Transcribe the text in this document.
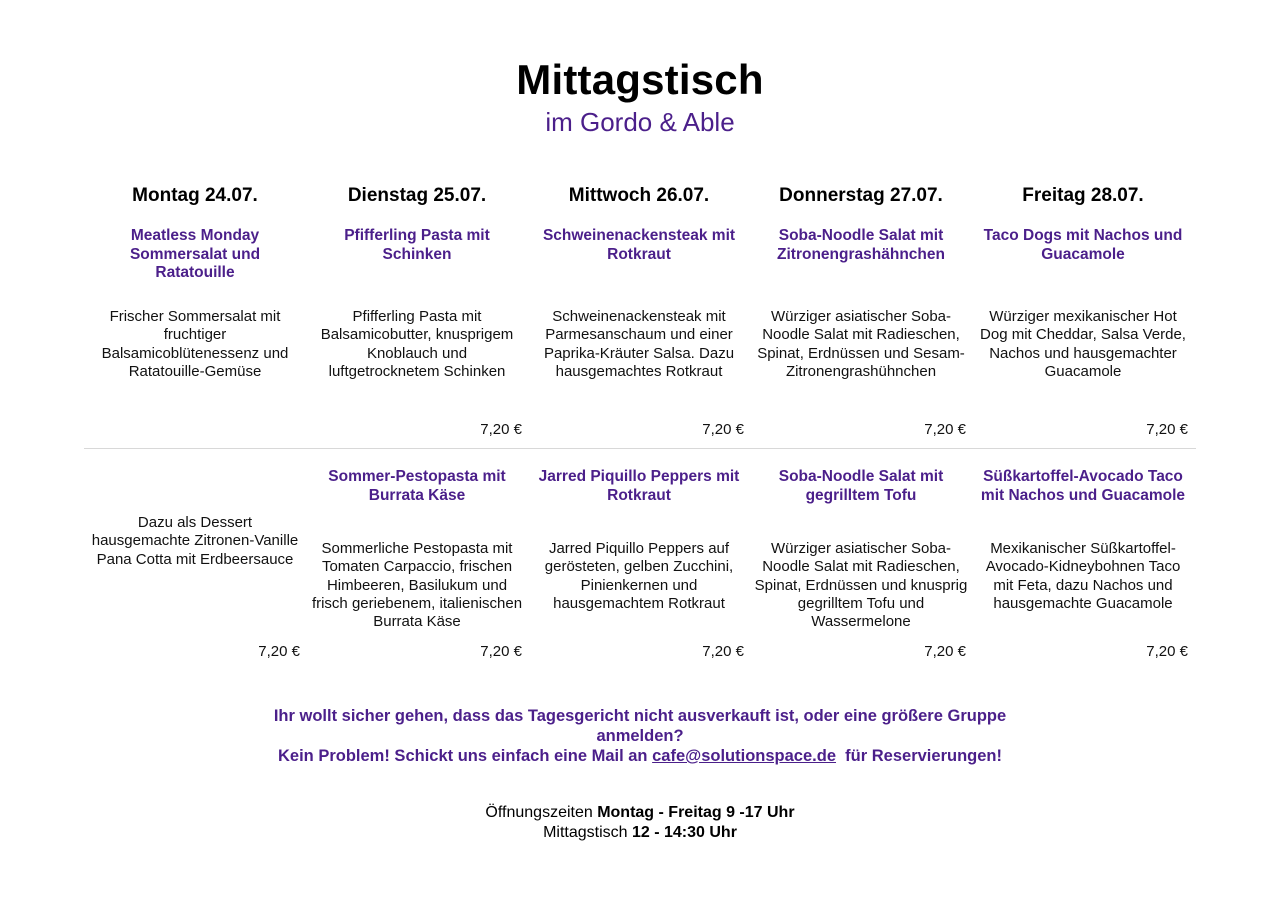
Mittagstisch
im Gordo & Able
Montag 24.07.
Meatless Monday Sommersalat und Ratatouille
Frischer Sommersalat mit fruchtiger Balsamicoblütenessenz und Ratatouille-Gemüse
Dienstag 25.07.
Pfifferling Pasta mit Schinken
Pfifferling Pasta mit Balsamicobutter, knusprigem Knoblauch und luftgetrocknetem Schinken
7,20 €
Mittwoch 26.07.
Schweinenackensteak mit Rotkraut
Schweinenackensteak mit Parmesanschaum und einer Paprika-Kräuter Salsa. Dazu hausgemachtes Rotkraut
7,20 €
Donnerstag 27.07.
Soba-Noodle Salat mit Zitronengrashähnchen
Würziger asiatischer Soba-Noodle Salat mit Radieschen, Spinat, Erdnüssen und Sesam-Zitronengrashühnchen
7,20 €
Freitag 28.07.
Taco Dogs mit Nachos und Guacamole
Würziger mexikanischer Hot Dog mit Cheddar, Salsa Verde, Nachos und hausgemachter Guacamole
7,20 €
Dazu als Dessert hausgemachte Zitronen-Vanille Pana Cotta mit Erdbeersauce
7,20 €
Sommer-Pestopasta mit Burrata Käse
Sommerliche Pestopasta mit Tomaten Carpaccio, frischen Himbeeren, Basilukum und frisch geriebenem, italienischen Burrata Käse
7,20 €
Jarred Piquillo Peppers mit Rotkraut
Jarred Piquillo Peppers auf gerösteten, gelben Zucchini, Pinienkernen und hausgemachtem Rotkraut
7,20 €
Soba-Noodle Salat mit gegrilltem Tofu
Würziger asiatischer Soba-Noodle Salat mit Radieschen, Spinat, Erdnüssen und knusprig gegrilltem Tofu und Wassermelone
7,20 €
Süßkartoffel-Avocado Taco mit Nachos und Guacamole
Mexikanischer Süßkartoffel-Avocado-Kidneybohnen Taco mit Feta, dazu Nachos und hausgemachte Guacamole
7,20 €
Ihr wollt sicher gehen, dass das Tagesgericht nicht ausverkauft ist, oder eine größere Gruppe anmelden?
Kein Problem! Schickt uns einfach eine Mail an cafe@solutionspace.de  für Reservierungen!
Öffnungszeiten Montag - Freitag 9 -17 Uhr
Mittagstisch 12 - 14:30 Uhr
